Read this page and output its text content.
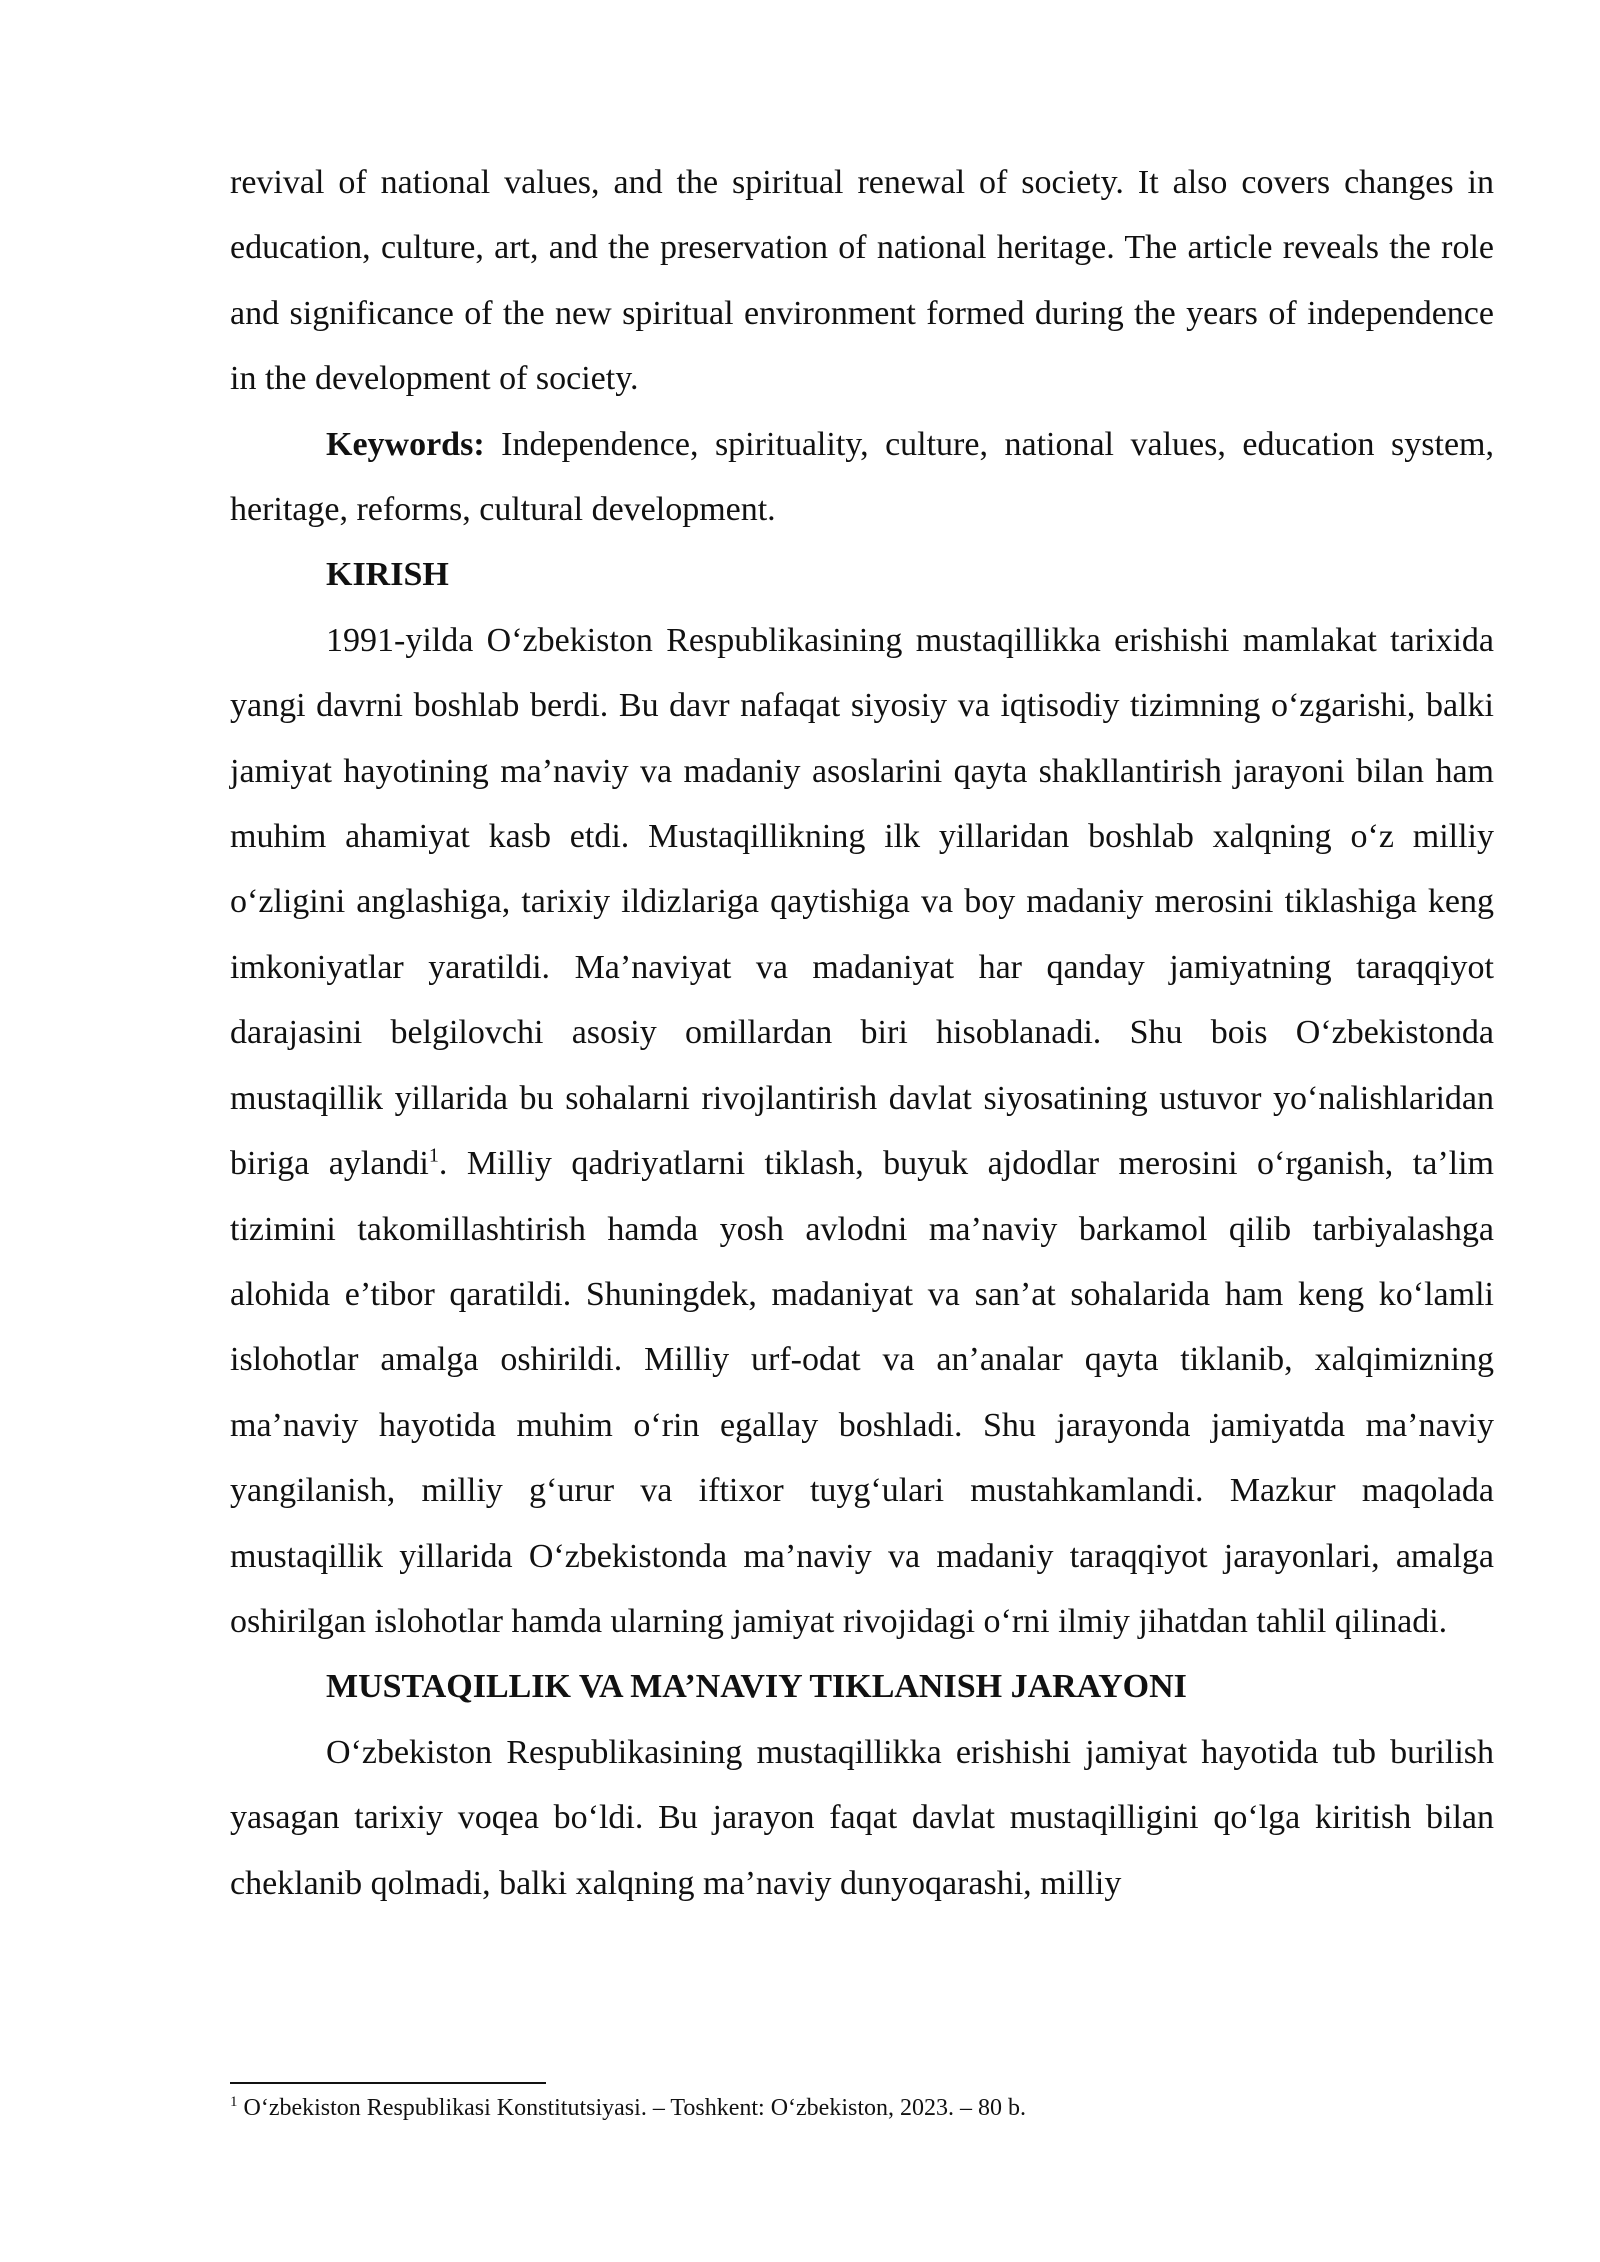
revival of national values, and the spiritual renewal of society. It also covers changes in education, culture, art, and the preservation of national heritage. The article reveals the role and significance of the new spiritual environment formed during the years of independence in the development of society.

Keywords: Independence, spirituality, culture, national values, education system, heritage, reforms, cultural development.

KIRISH

1991-yilda O‘zbekiston Respublikasining mustaqillikka erishishi mamlakat tarixida yangi davrni boshlab berdi. Bu davr nafaqat siyosiy va iqtisodiy tizimning o‘zgarishi, balki jamiyat hayotining ma’naviy va madaniy asoslarini qayta shakllantirish jarayoni bilan ham muhim ahamiyat kasb etdi. Mustaqillikning ilk yillaridan boshlab xalqning o‘z milliy o‘zligini anglashiga, tarixiy ildizlariga qaytishiga va boy madaniy merosini tiklashiga keng imkoniyatlar yaratildi. Ma’naviyat va madaniyat har qanday jamiyatning taraqqiyot darajasini belgilovchi asosiy omillardan biri hisoblanadi. Shu bois O‘zbekistonda mustaqillik yillarida bu sohalarni rivojlantirish davlat siyosatining ustuvor yo‘nalishlaridan biriga aylandi$^1$. Milliy qadriyatlarni tiklash, buyuk ajdodlar merosini o‘rganish, ta’lim tizimini takomillashtirish hamda yosh avlodni ma’naviy barkamol qilib tarbiyalashga alohida e’tibor qaratildi. Shuningdek, madaniyat va san’at sohalarida ham keng ko‘lamli islohotlar amalga oshirildi. Milliy urf-odat va an’analar qayta tiklanib, xalqimizning ma’naviy hayotida muhim o‘rin egallay boshladi. Shu jarayonda jamiyatda ma’naviy yangilanish, milliy g‘urur va iftixor tuyg‘ulari mustahkamlandi. Mazkur maqolada mustaqillik yillarida O‘zbekistonda ma’naviy va madaniy taraqqiyot jarayonlari, amalga oshirilgan islohotlar hamda ularning jamiyat rivojidagi o‘rni ilmiy jihatdan tahlil qilinadi.

MUSTAQILLIK VA MA’NAVIY TIKLANISH JARAYONI

O‘zbekiston Respublikasining mustaqillikka erishishi jamiyat hayotida tub burilish yasagan tarixiy voqea bo‘ldi. Bu jarayon faqat davlat mustaqilligini qo‘lga kiritish bilan cheklanib qolmadi, balki xalqning ma’naviy dunyoqarashi, milliy

$^1$ O‘zbekiston Respublikasi Konstitutsiyasi. – Toshkent: O‘zbekiston, 2023. – 80 b.
